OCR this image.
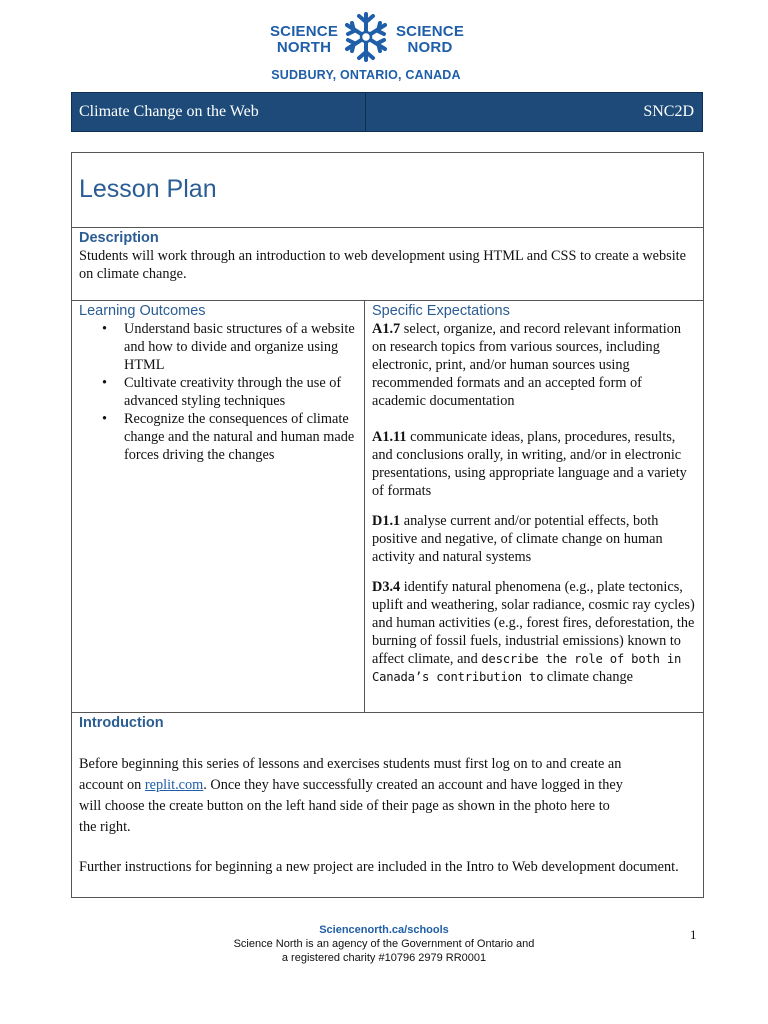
SCIENCE
NORTH
SCIENCE
NORD
SUDBURY, ONTARIO, CANADA
Climate Change on the Web	SNC2D
Lesson Plan
Description
Students will work through an introduction to web development using HTML and CSS to create a website on climate change.
Learning Outcomes
• Understand basic structures of a website and how to divide and organize using HTML
• Cultivate creativity through the use of advanced styling techniques
• Recognize the consequences of climate change and the natural and human made forces driving the changes
Specific Expectations
A1.7 select, organize, and record relevant information on research topics from various sources, including electronic, print, and/or human sources using recommended formats and an accepted form of academic documentation
A1.11 communicate ideas, plans, procedures, results, and conclusions orally, in writing, and/or in electronic presentations, using appropriate language and a variety of formats
D1.1 analyse current and/or potential effects, both positive and negative, of climate change on human activity and natural systems
D3.4 identify natural phenomena (e.g., plate tectonics, uplift and weathering, solar radiance, cosmic ray cycles) and human activities (e.g., forest fires, deforestation, the burning of fossil fuels, industrial emissions) known to affect climate, and describe the role of both in Canada’s contribution to climate change
Introduction

Before beginning this series of lessons and exercises students must first log on to and create an account on replit.com. Once they have successfully created an account and have logged in they will choose the create button on the left hand side of their page as shown in the photo here to the right.

Further instructions for beginning a new project are included in the Intro to Web development document.

Sciencenorth.ca/schools
Science North is an agency of the Government of Ontario and
a registered charity #10796 2979 RR0001
1
